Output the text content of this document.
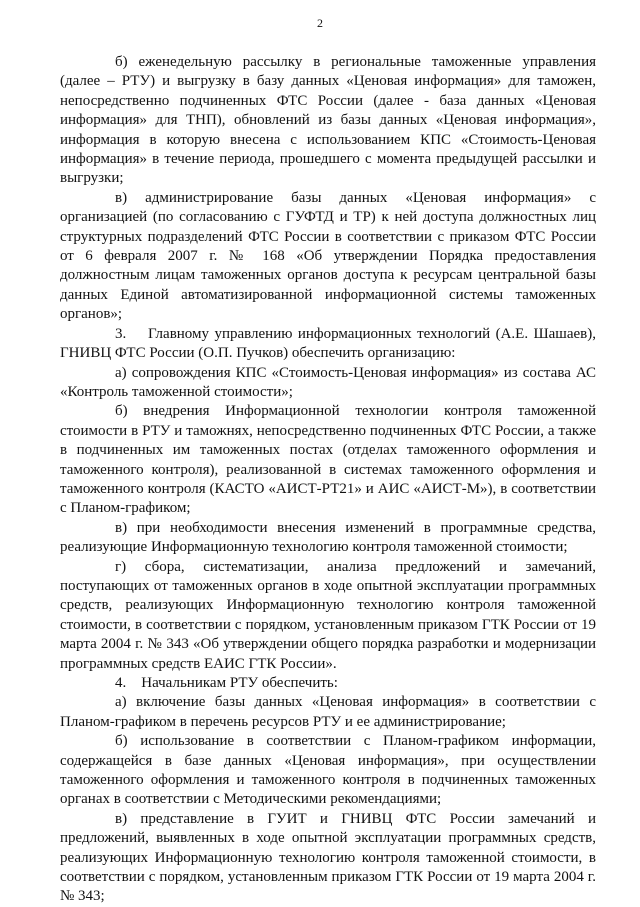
2

б) еженедельную рассылку в региональные таможенные управления (далее – РТУ) и выгрузку в базу данных «Ценовая информация» для таможен, непосредственно подчиненных ФТС России (далее - база данных «Ценовая информация» для ТНП), обновлений из базы данных «Ценовая информация», информация в которую внесена с использованием КПС «Стоимость-Ценовая информация» в течение периода, прошедшего с момента предыдущей рассылки и выгрузки;

в) администрирование базы данных «Ценовая информация» с организацией (по согласованию с ГУФТД и ТР) к ней доступа должностных лиц структурных подразделений ФТС России в соответствии с приказом ФТС России от 6 февраля 2007 г. № 168 «Об утверждении Порядка предоставления должностным лицам таможенных органов доступа к ресурсам центральной базы данных Единой автоматизированной информационной системы таможенных органов»;

3.    Главному управлению информационных технологий (А.Е. Шашаев), ГНИВЦ ФТС России (О.П. Пучков) обеспечить организацию:

а) сопровождения КПС «Стоимость-Ценовая информация» из состава АС «Контроль таможенной стоимости»;

б) внедрения Информационной технологии контроля таможенной стоимости в РТУ и таможнях, непосредственно подчиненных ФТС России, а также в подчиненных им таможенных постах (отделах таможенного оформления и таможенного контроля), реализованной в системах таможенного оформления и таможенного контроля (КАСТО «АИСТ-РТ21» и АИС «АИСТ-М»), в соответствии с Планом-графиком;

в) при необходимости внесения изменений в программные средства, реализующие Информационную технологию контроля таможенной стоимости;

г) сбора, систематизации, анализа предложений и замечаний, поступающих от таможенных органов в ходе опытной эксплуатации программных средств, реализующих Информационную технологию контроля таможенной стоимости, в соответствии с порядком, установленным приказом ГТК России от 19 марта 2004 г. № 343 «Об утверждении общего порядка разработки и модернизации программных средств ЕАИС ГТК России».

4.    Начальникам РТУ обеспечить:

а) включение базы данных «Ценовая информация» в соответствии с Планом-графиком в перечень ресурсов РТУ и ее администрирование;

б) использование в соответствии с Планом-графиком информации, содержащейся в базе данных «Ценовая информация», при осуществлении таможенного оформления и таможенного контроля в подчиненных таможенных органах в соответствии с Методическими рекомендациями;

в) представление в ГУИТ и ГНИВЦ ФТС России замечаний и предложений, выявленных в ходе опытной эксплуатации программных средств, реализующих Информационную технологию контроля таможенной стоимости, в соответствии с порядком, установленным приказом ГТК России от 19 марта 2004 г. № 343;
